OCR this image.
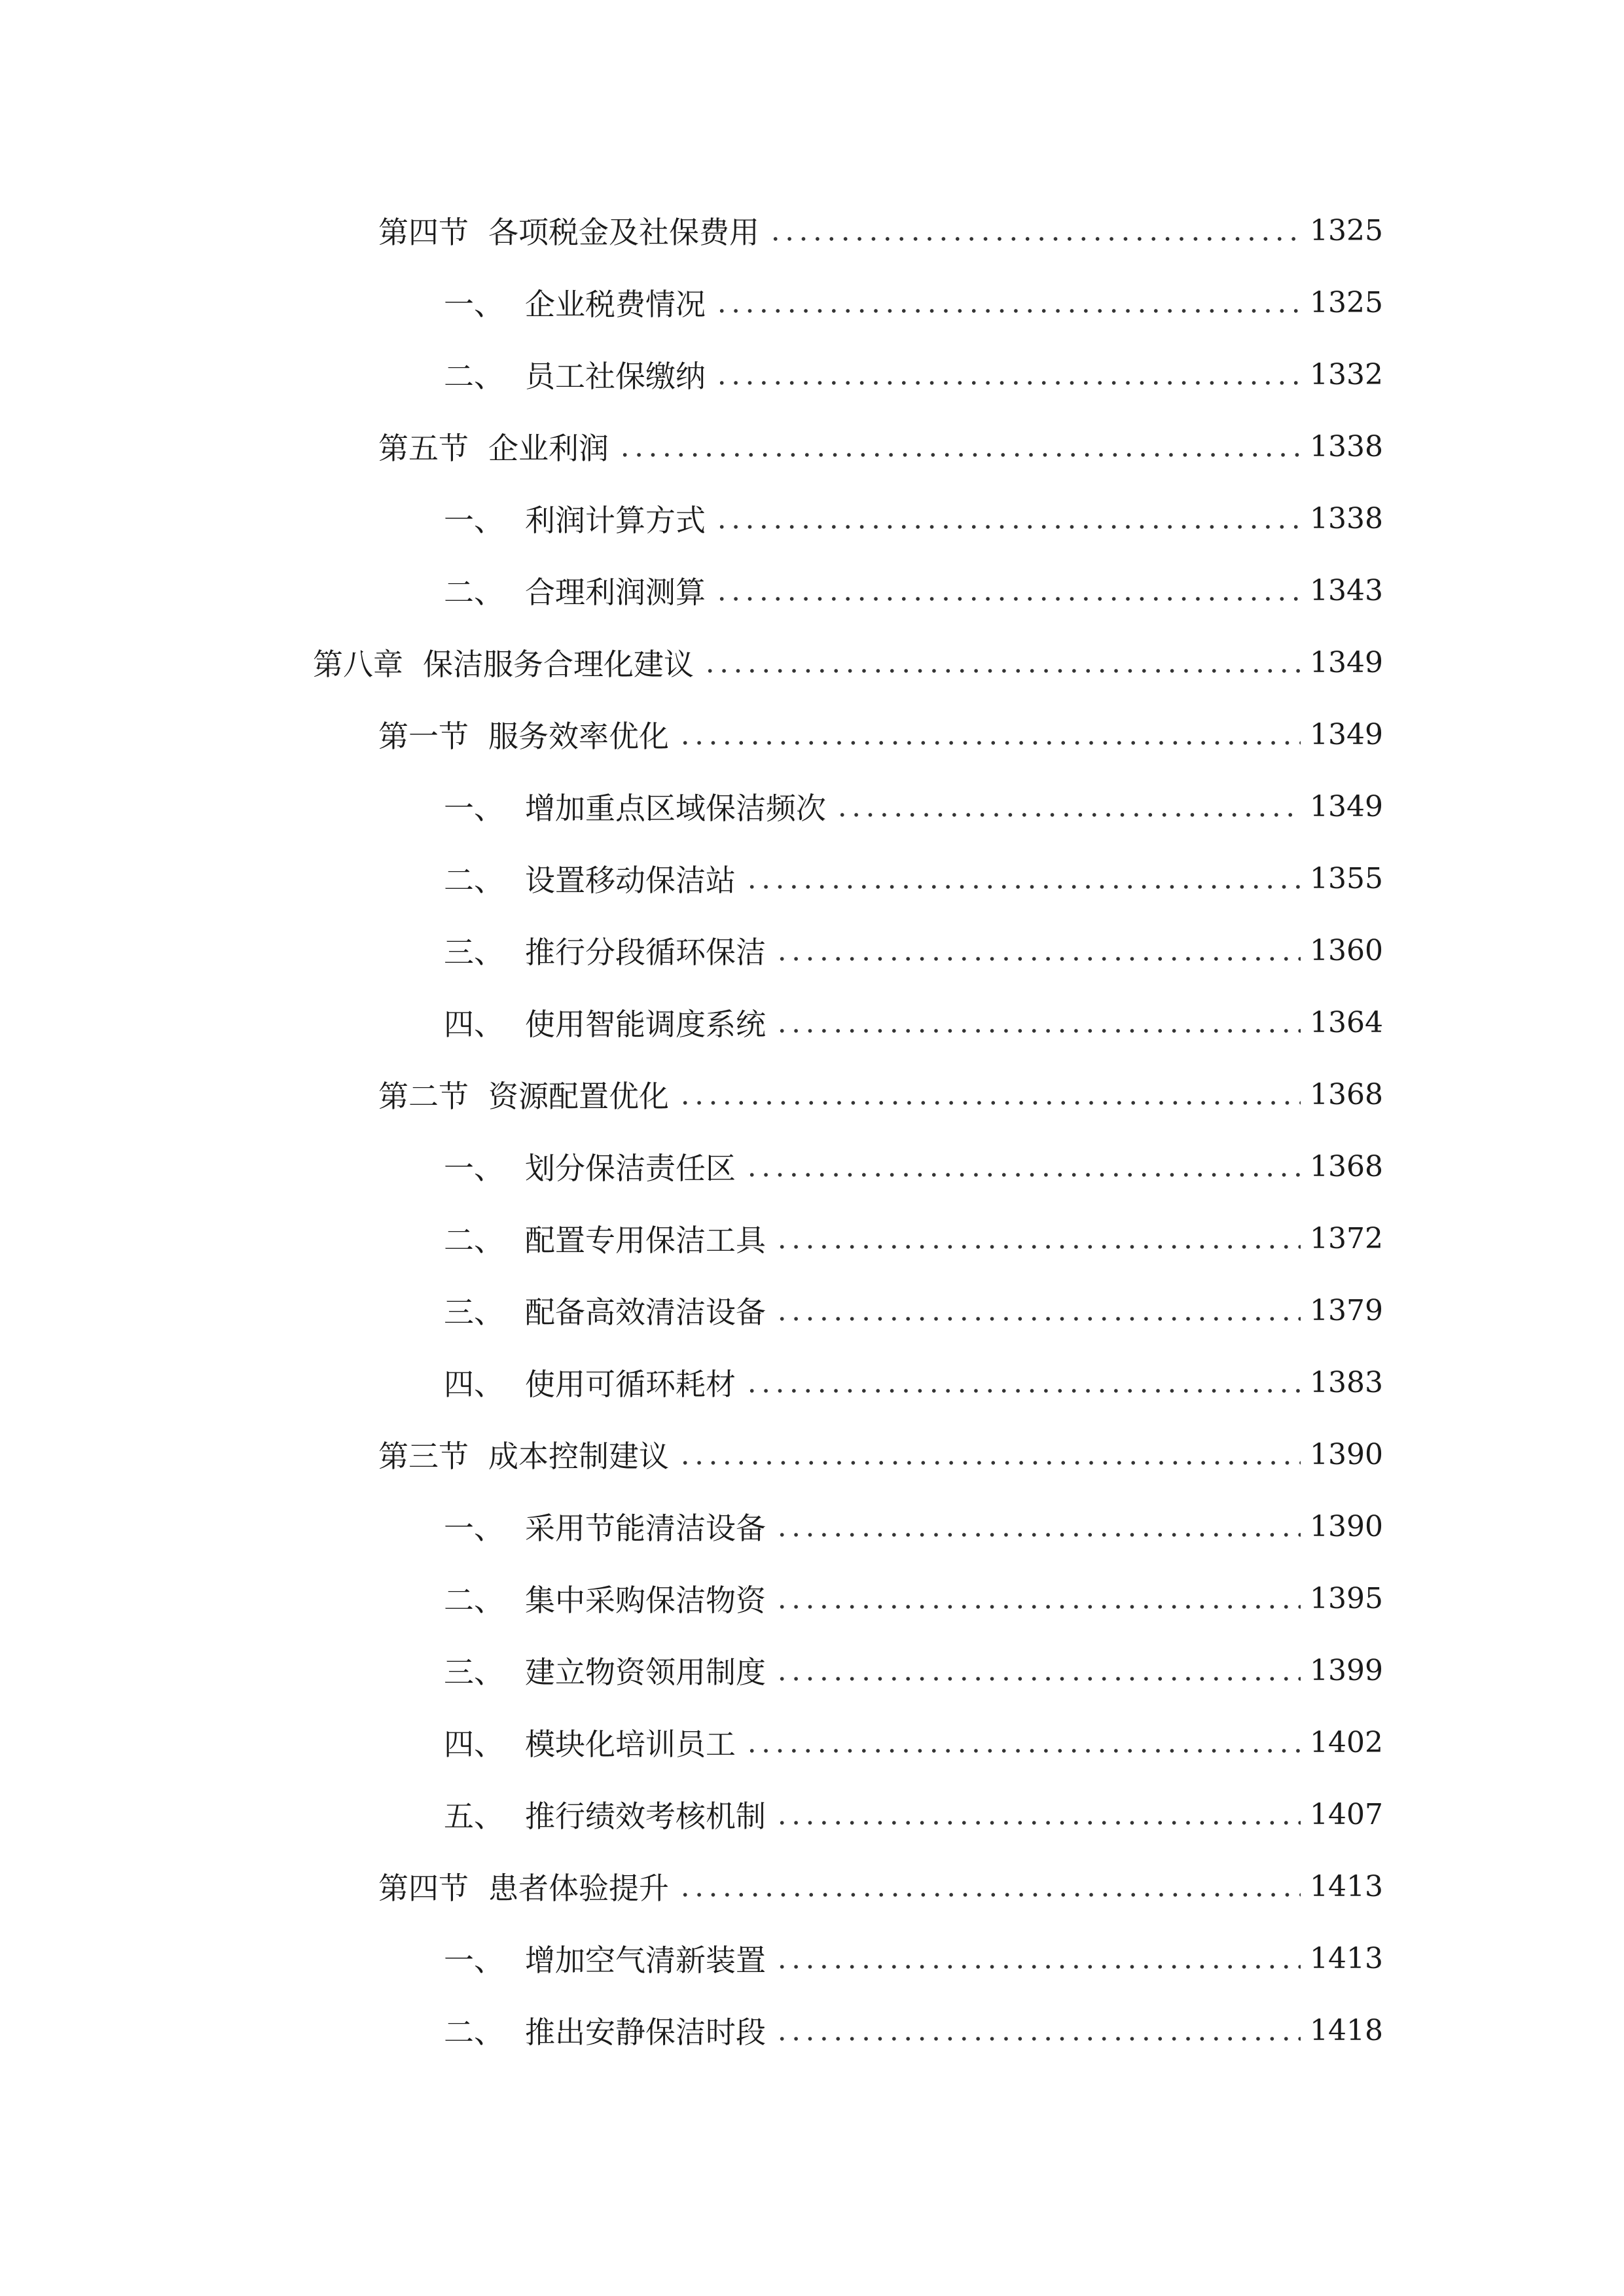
第四节 各项税金及社保费用	1325
一、 企业税费情况	1325
二、 员工社保缴纳	1332
第五节 企业利润	1338
一、 利润计算方式	1338
二、 合理利润测算	1343
第八章 保洁服务合理化建议	1349
第一节 服务效率优化	1349
一、 增加重点区域保洁频次	1349
二、 设置移动保洁站	1355
三、 推行分段循环保洁	1360
四、 使用智能调度系统	1364
第二节 资源配置优化	1368
一、 划分保洁责任区	1368
二、 配置专用保洁工具	1372
三、 配备高效清洁设备	1379
四、 使用可循环耗材	1383
第三节 成本控制建议	1390
一、 采用节能清洁设备	1390
二、 集中采购保洁物资	1395
三、 建立物资领用制度	1399
四、 模块化培训员工	1402
五、 推行绩效考核机制	1407
第四节 患者体验提升	1413
一、 增加空气清新装置	1413
二、 推出安静保洁时段	1418
